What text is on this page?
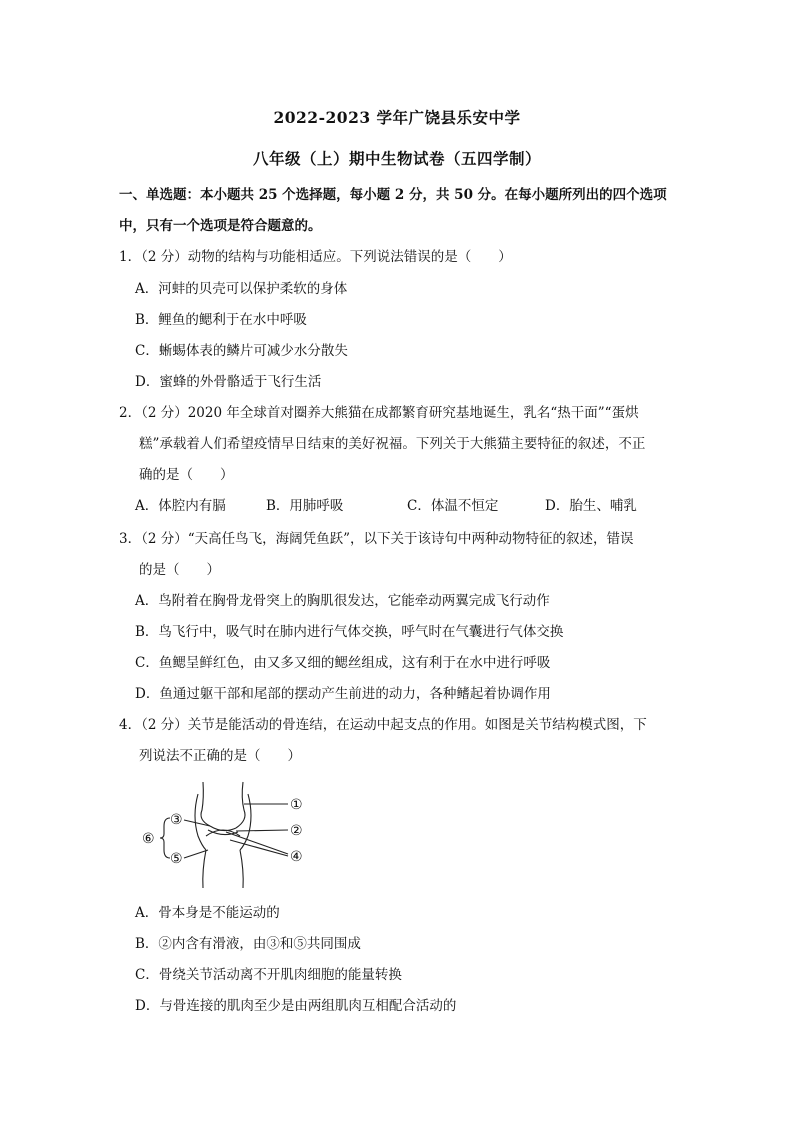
2022-2023 学年广饶县乐安中学
八年级（上）期中生物试卷（五四学制）
一、单选题：本小题共 25 个选择题，每小题 2 分，共 50 分。在每小题所列出的四个选项中，只有一个选项是符合题意的。
1．（2 分）动物的结构与功能相适应。下列说法错误的是（　　）
A．河蚌的贝壳可以保护柔软的身体
B．鲤鱼的鳃利于在水中呼吸
C．蜥蜴体表的鳞片可减少水分散失
D．蜜蜂的外骨骼适于飞行生活
2．（2 分）2020 年全球首对圈养大熊猫在成都繁育研究基地诞生，乳名“热干面”“蛋烘
糕”承载着人们希望疫情早日结束的美好祝福。下列关于大熊猫主要特征的叙述，不正
确的是（　　）
A．体腔内有膈	B．用肺呼吸	C．体温不恒定	D．胎生、哺乳
3．（2 分）“天高任鸟飞，海阔凭鱼跃”，以下关于该诗句中两种动物特征的叙述，错误
的是（　　）
A．鸟附着在胸骨龙骨突上的胸肌很发达，它能牵动两翼完成飞行动作
B．鸟飞行中，吸气时在肺内进行气体交换，呼气时在气囊进行气体交换
C．鱼鳃呈鲜红色，由又多又细的鳃丝组成，这有利于在水中进行呼吸
D．鱼通过躯干部和尾部的摆动产生前进的动力，各种鳍起着协调作用
4．（2 分）关节是能活动的骨连结，在运动中起支点的作用。如图是关节结构模式图，下
列说法不正确的是（　　）
①
②
③
④
⑤
⑥
A．骨本身是不能运动的
B．②内含有滑液，由③和⑤共同围成
C．骨绕关节活动离不开肌肉细胞的能量转换
D．与骨连接的肌肉至少是由两组肌肉互相配合活动的
